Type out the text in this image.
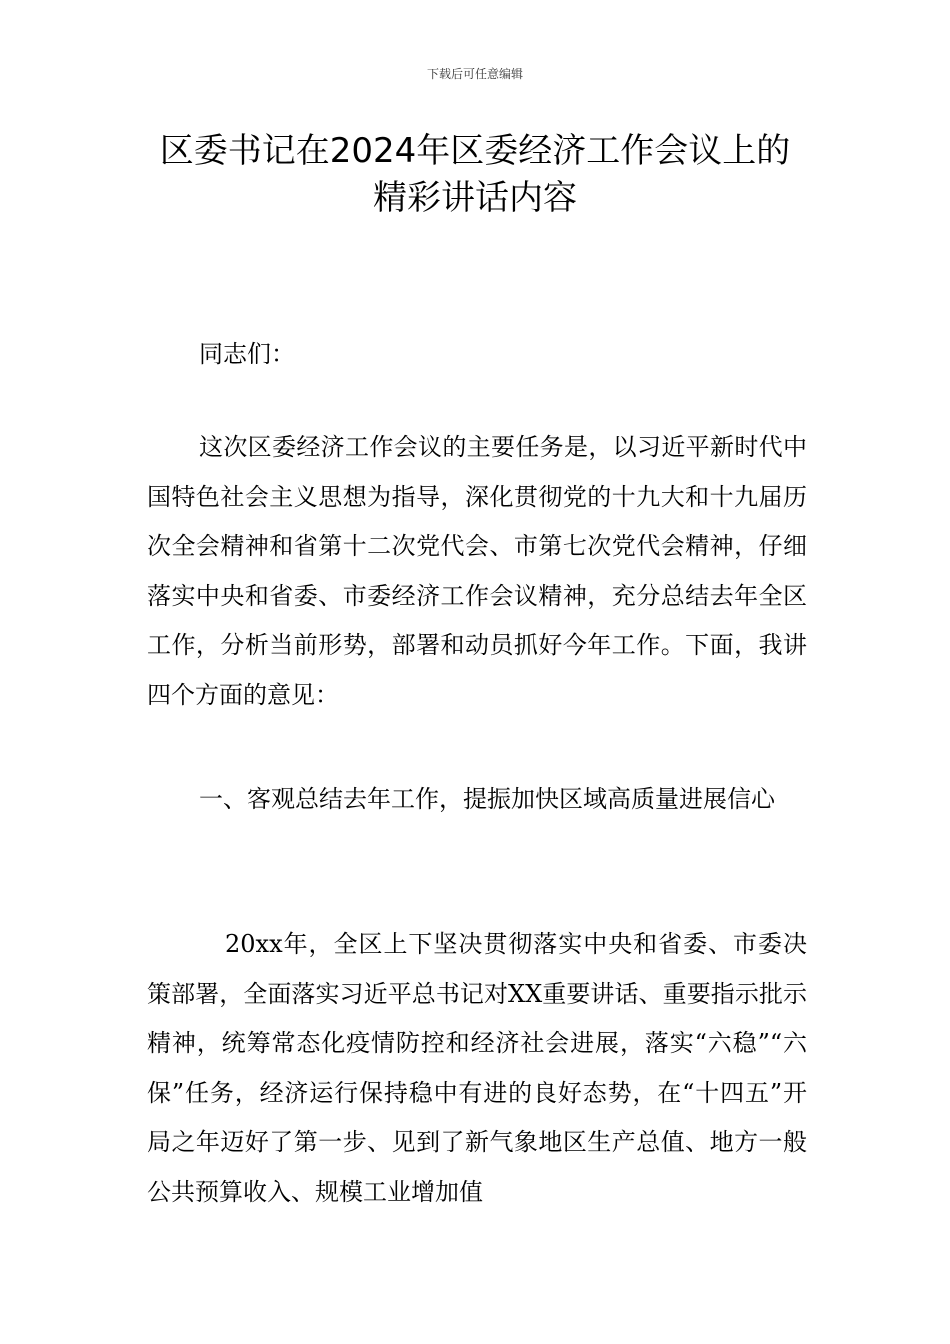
下载后可任意编辑
区委书记在2024年区委经济工作会议上的
精彩讲话内容

同志们：

这次区委经济工作会议的主要任务是，以习近平新时代中国特色社会主义思想为指导，深化贯彻党的十九大和十九届历次全会精神和省第十二次党代会、市第七次党代会精神，仔细落实中央和省委、市委经济工作会议精神，充分总结去年全区工作，分析当前形势，部署和动员抓好今年工作。下面，我讲四个方面的意见：

一、客观总结去年工作，提振加快区域高质量进展信心

20xx年，全区上下坚决贯彻落实中央和省委、市委决策部署，全面落实习近平总书记对XX重要讲话、重要指示批示精神，统筹常态化疫情防控和经济社会进展，落实“六稳”“六保”任务，经济运行保持稳中有进的良好态势，在“十四五”开局之年迈好了第一步、见到了新气象地区生产总值、地方一般公共预算收入、规模工业增加值
